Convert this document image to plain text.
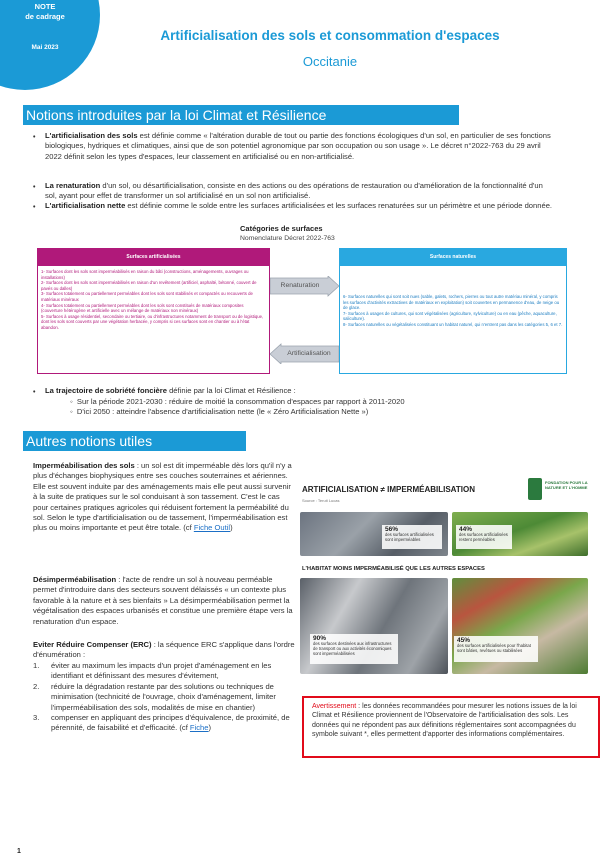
NOTE
de cadrage
Mai 2023
Artificialisation des sols et consommation d'espaces
Occitanie
Notions introduites par la loi Climat et Résilience
• L'artificialisation des sols est définie comme « l'altération durable de tout ou partie des fonctions écologiques d'un sol, en particulier de ses fonctions biologiques, hydriques et climatiques, ainsi que de son potentiel agronomique par son occupation ou son usage ». Le décret n°2022-763 du 29 avril 2022 définit selon les types d'espaces, leur classement en artificialisé ou en non-artificialisé.
• La renaturation d'un sol, ou désartificialisation, consiste en des actions ou des opérations de restauration ou d'amélioration de la fonctionnalité d'un sol, ayant pour effet de transformer un sol artificialisé en un sol non artificialisé.
• L'artificialisation nette est définie comme le solde entre les surfaces artificialisées et les surfaces renaturées sur un périmètre et une période donnée.
Catégories de surfaces
Nomenclature Décret 2022-763
Surfaces artificialisées
1- Surfaces dont les sols sont imperméabilisés en raison du bâti (constructions, aménagements, ouvrages ou installations)
2- Surfaces dont les sols sont imperméabilisés en raison d'un revêtement (artificiel, asphalté, bétonné, couvert de pavés ou dalles)
3- Surfaces totalement ou partiellement perméables dont les sols sont stabilisés et compactés ou recouverts de matériaux minéraux
4- Surfaces totalement ou partiellement perméables dont les sols sont constitués de matériaux composites (couverture hétérogène et artificielle avec un mélange de matériaux non minéraux)
5- Surfaces à usage résidentiel, secondaire ou tertiaire, ou d'infrastructures notamment de transport ou de logistique, dont les sols sont couverts par une végétation herbacée, y compris si ces surfaces sont en chantier ou à l'état abandon.
Surfaces naturelles
6- Surfaces naturelles qui sont soit nues (sable, galets, rochers, pierres ou tout autre matériau minéral, y compris les surfaces d'activités extractives de matériaux en exploitation) soit couvertes en permanence d'eau, de neige ou de glace.
7- Surfaces à usages de cultures, qui sont végétalisées (agriculture, sylviculture) ou en eau (pêche, aquaculture, saliculture).
8- Surfaces naturelles ou végétalisées constituant un habitat naturel, qui n'entrent pas dans les catégories 5, 6 et 7.
Renaturation
Artificialisation
• La trajectoire de sobriété foncière définie par la loi Climat et Résilience :
◦  Sur la période 2021-2030 : réduire de moitié la consommation d'espaces par rapport à 2011-2020
◦  D'ici 2050 : atteindre l'absence d'artificialisation nette (le « Zéro Artificialisation Nette »)
Autres notions utiles
Imperméabilisation des sols : un sol est dit imperméable dès lors qu'il n'y a plus d'échanges biophysiques entre ses couches souterraines et aériennes. Elle est souvent induite par des aménagements mais elle peut aussi survenir à la suite de pratiques sur le sol conduisant à son tassement. C'est le cas pour certaines pratiques agricoles qui réduisent fortement la perméabilité du sol. Selon le type d'artificialisation ou de tassement, l'imperméabilisation est plus ou moins importante et peut être totale. (cf Fiche Outil)
Désimperméabilisation : l'acte de rendre un sol à nouveau perméable permet d'introduire dans des secteurs souvent délaissés « un contexte plus favorable à la nature et à ses bienfaits » La désimperméabilisation permet la végétalisation des espaces urbanisés et constitue une première étape vers la renaturation d'un espace.
Eviter Réduire Compenser (ERC) : la séquence ERC s'applique dans l'ordre d'énumération :
1.	éviter au maximum les impacts d'un projet d'aménagement en les identifiant et définissant des mesures d'évitement,
2.	réduire la dégradation restante par des solutions ou techniques de minimisation (technicité de l'ouvrage, choix d'aménagement, limiter l'imperméabilisation des sols, modalités de mise en chantier)
3.	compenser en appliquant des principes d'équivalence, de proximité, de pérennité, de faisabilité et d'efficacité. (cf Fiche)
ARTIFICIALISATION ≠ IMPERMÉABILISATION
Source : Teruti Lucas
FONDATION POUR LA NATURE ET L'HOMME
56%
des surfaces artificialisées sont imperméables
44%
des surfaces artificialisées restent perméables
L'HABITAT MOINS IMPERMÉABILISÉ QUE LES AUTRES ESPACES
90%
des surfaces destinées aux infrastructures de transport ou aux activités économiques sont imperméabilisées
45%
des surfaces artificialisées pour l'habitat sont bâties, revêtues ou stabilisées
Avertissement : les données recommandées pour mesurer les notions issues de la loi Climat et Résilience proviennent de l'Observatoire de l'artificialisation des sols. Les données qui ne répondent pas aux définitions réglementaires sont accompagnées du symbole suivant *, elles permettent d'apporter des informations complémentaires.
1
